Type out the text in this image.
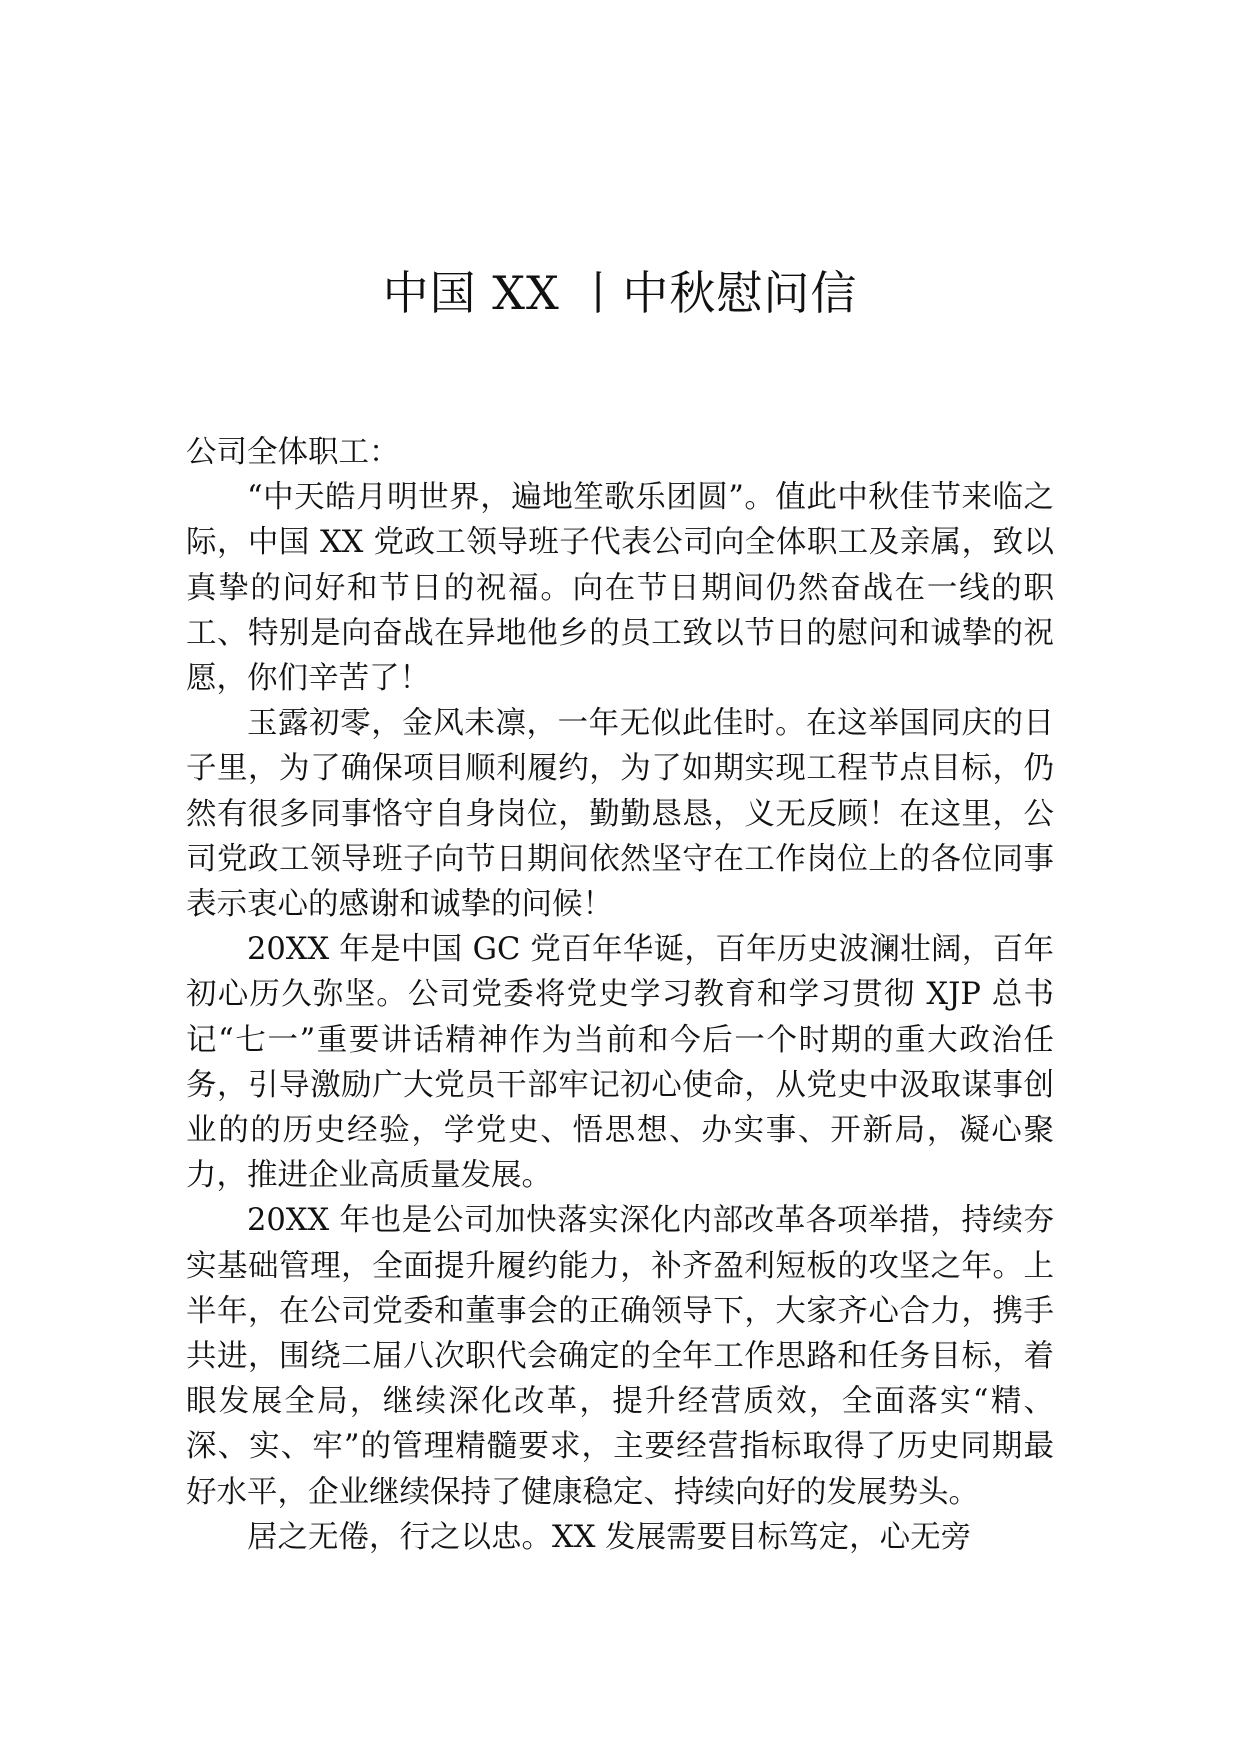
中国 XX 丨中秋慰问信

公司全体职工：

“中天皓月明世界，遍地笙歌乐团圆”。值此中秋佳节来临之际，中国 XX 党政工领导班子代表公司向全体职工及亲属，致以真挚的问好和节日的祝福。向在节日期间仍然奋战在一线的职工、特别是向奋战在异地他乡的员工致以节日的慰问和诚挚的祝愿，你们辛苦了！

玉露初零，金风未凛，一年无似此佳时。在这举国同庆的日子里，为了确保项目顺利履约，为了如期实现工程节点目标，仍然有很多同事恪守自身岗位，勤勤恳恳，义无反顾！在这里，公司党政工领导班子向节日期间依然坚守在工作岗位上的各位同事表示衷心的感谢和诚挚的问候！

20XX 年是中国 GC 党百年华诞，百年历史波澜壮阔，百年初心历久弥坚。公司党委将党史学习教育和学习贯彻 XJP 总书记“七一”重要讲话精神作为当前和今后一个时期的重大政治任务，引导激励广大党员干部牢记初心使命，从党史中汲取谋事创业的的历史经验，学党史、悟思想、办实事、开新局，凝心聚力，推进企业高质量发展。

20XX 年也是公司加快落实深化内部改革各项举措，持续夯实基础管理，全面提升履约能力，补齐盈利短板的攻坚之年。上半年，在公司党委和董事会的正确领导下，大家齐心合力，携手共进，围绕二届八次职代会确定的全年工作思路和任务目标，着眼发展全局，继续深化改革，提升经营质效，全面落实“精、深、实、牢”的管理精髓要求，主要经营指标取得了历史同期最好水平，企业继续保持了健康稳定、持续向好的发展势头。

居之无倦，行之以忠。XX 发展需要目标笃定，心无旁
